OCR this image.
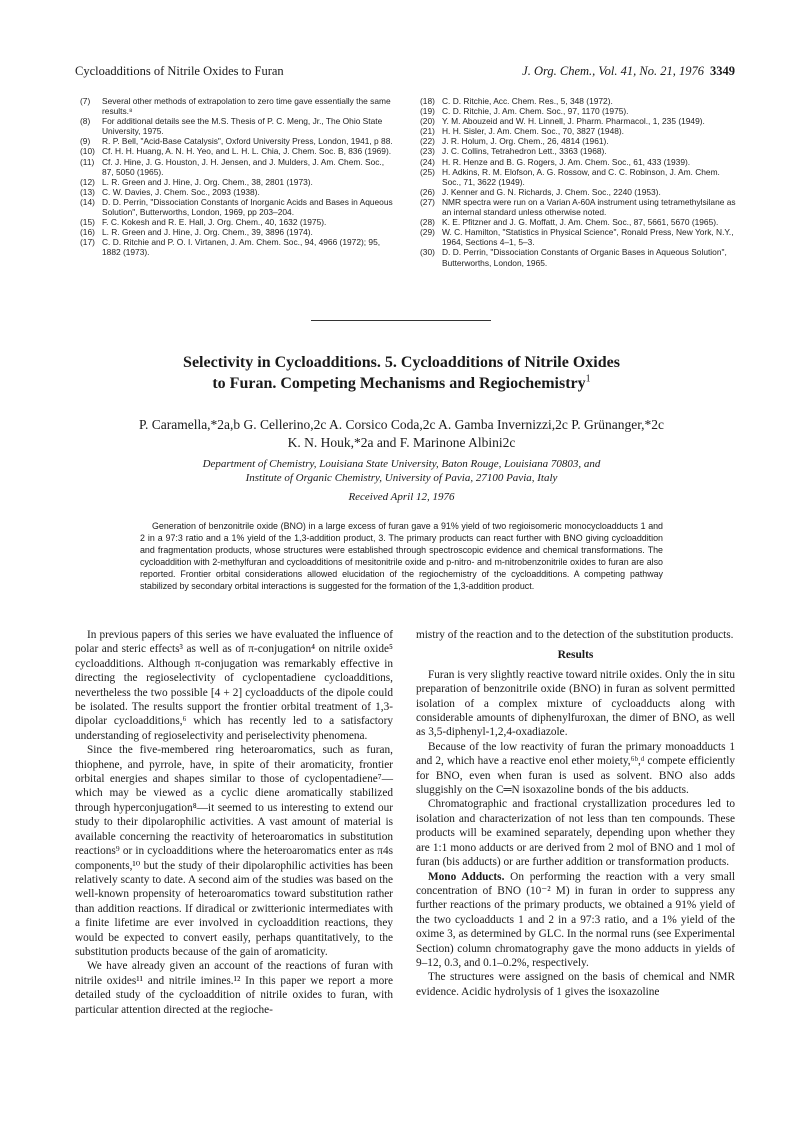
Cycloadditions of Nitrile Oxides to Furan	J. Org. Chem., Vol. 41, No. 21, 1976 3349

(7)	Several other methods of extrapolation to zero time gave essentially the same results.⁸

(8)	For additional details see the M.S. Thesis of P. C. Meng, Jr., The Ohio State University, 1975.

(9)	R. P. Bell, "Acid-Base Catalysis", Oxford University Press, London, 1941, p 88.

(10) Cf. H. H. Huang, A. N. H. Yeo, and L. H. L. Chia, J. Chem. Soc. B, 836 (1969).

(11) Cf. J. Hine, J. G. Houston, J. H. Jensen, and J. Mulders, J. Am. Chem. Soc., 87, 5050 (1965).

(12) L. R. Green and J. Hine, J. Org. Chem., 38, 2801 (1973).

(13) C. W. Davies, J. Chem. Soc., 2093 (1938).

(14) D. D. Perrin, "Dissociation Constants of Inorganic Acids and Bases in Aqueous Solution", Butterworths, London, 1969, pp 203–204.

(15) F. C. Kokesh and R. E. Hall, J. Org. Chem., 40, 1632 (1975).

(16) L. R. Green and J. Hine, J. Org. Chem., 39, 3896 (1974).

(17) C. D. Ritchie and P. O. I. Virtanen, J. Am. Chem. Soc., 94, 4966 (1972); 95, 1882 (1973).

(18) C. D. Ritchie, Acc. Chem. Res., 5, 348 (1972).

(19) C. D. Ritchie, J. Am. Chem. Soc., 97, 1170 (1975).

(20) Y. M. Abouzeid and W. H. Linnell, J. Pharm. Pharmacol., 1, 235 (1949).

(21) H. H. Sisler, J. Am. Chem. Soc., 70, 3827 (1948).

(22) J. R. Holum, J. Org. Chem., 26, 4814 (1961).

(23) J. C. Collins, Tetrahedron Lett., 3363 (1968).

(24) H. R. Henze and B. G. Rogers, J. Am. Chem. Soc., 61, 433 (1939).

(25) H. Adkins, R. M. Elofson, A. G. Rossow, and C. C. Robinson, J. Am. Chem. Soc., 71, 3622 (1949).

(26) J. Kenner and G. N. Richards, J. Chem. Soc., 2240 (1953).

(27) NMR spectra were run on a Varian A-60A instrument using tetramethylsilane as an internal standard unless otherwise noted.

(28) K. E. Pfitzner and J. G. Moffatt, J. Am. Chem. Soc., 87, 5661, 5670 (1965).

(29) W. C. Hamilton, "Statistics in Physical Science", Ronald Press, New York, N.Y., 1964, Sections 4–1, 5–3.

(30) D. D. Perrin, "Dissociation Constants of Organic Bases in Aqueous Solution", Butterworths, London, 1965.

Selectivity in Cycloadditions. 5. Cycloadditions of Nitrile Oxides
to Furan. Competing Mechanisms and Regiochemistry$^1$
P. Caramella,*2a,b G. Cellerino,2c A. Corsico Coda,2c A. Gamba Invernizzi,2c P. Grünanger,*2c
K. N. Houk,*2a and F. Marinone Albini2c
Department of Chemistry, Louisiana State University, Baton Rouge, Louisiana 70803, and
Institute of Organic Chemistry, University of Pavia, 27100 Pavia, Italy
Received April 12, 1976
Generation of benzonitrile oxide (BNO) in a large excess of furan gave a 91% yield of two regioisomeric monocycloadducts 1 and 2 in a 97:3 ratio and a 1% yield of the 1,3-addition product, 3. The primary products can react further with BNO giving cycloaddition and fragmentation products, whose structures were established through spectroscopic evidence and chemical transformations. The cycloaddition with 2-methylfuran and cycloadditions of mesitonitrile oxide and p-nitro- and m-nitrobenzonitrile oxides to furan are also reported. Frontier orbital considerations allowed elucidation of the regiochemistry of the cycloadditions. A competing pathway stabilized by secondary orbital interactions is suggested for the formation of the 1,3-addition product.

In previous papers of this series we have evaluated the influence of polar and steric effects³ as well as of π-conjugation⁴ on nitrile oxide⁵ cycloadditions. Although π-conjugation was remarkably effective in directing the regioselectivity of cyclopentadiene cycloadditions, nevertheless the two possible [4 + 2] cycloadducts of the dipole could be isolated. The results support the frontier orbital treatment of 1,3-dipolar cycloadditions,⁶ which has recently led to a satisfactory understanding of regioselectivity and periselectivity phenomena.

Since the five-membered ring heteroaromatics, such as furan, thiophene, and pyrrole, have, in spite of their aromaticity, frontier orbital energies and shapes similar to those of cyclopentadiene⁷—which may be viewed as a cyclic diene aromatically stabilized through hyperconjugation⁸—it seemed to us interesting to extend our study to their dipolarophilic activities. A vast amount of material is available concerning the reactivity of heteroaromatics in substitution reactions⁹ or in cycloadditions where the heteroaromatics enter as π4s components,¹⁰ but the study of their dipolarophilic activities has been relatively scanty to date. A second aim of the studies was based on the well-known propensity of heteroaromatics toward substitution rather than addition reactions. If diradical or zwitterionic intermediates with a finite lifetime are ever involved in cycloaddition reactions, they would be expected to convert easily, perhaps quantitatively, to the substitution products because of the gain of aromaticity.

We have already given an account of the reactions of furan with nitrile oxides¹¹ and nitrile imines.¹² In this paper we report a more detailed study of the cycloaddition of nitrile oxides to furan, with particular attention directed at the regioche-

mistry of the reaction and to the detection of the substitution products.

Results

Furan is very slightly reactive toward nitrile oxides. Only the in situ preparation of benzonitrile oxide (BNO) in furan as solvent permitted isolation of a complex mixture of cycloadducts along with considerable amounts of diphenylfuroxan, the dimer of BNO, as well as 3,5-diphenyl-1,2,4-oxadiazole.

Because of the low reactivity of furan the primary monoadducts 1 and 2, which have a reactive enol ether moiety,⁶ᵇ,ᵈ compete efficiently for BNO, even when furan is used as solvent. BNO also adds sluggishly on the C═N isoxazoline bonds of the bis adducts.

Chromatographic and fractional crystallization procedures led to isolation and characterization of not less than ten compounds. These products will be examined separately, depending upon whether they are 1:1 mono adducts or are derived from 2 mol of BNO and 1 mol of furan (bis adducts) or are further addition or transformation products.

Mono Adducts. On performing the reaction with a very small concentration of BNO (10⁻² M) in furan in order to suppress any further reactions of the primary products, we obtained a 91% yield of the two cycloadducts 1 and 2 in a 97:3 ratio, and a 1% yield of the oxime 3, as determined by GLC. In the normal runs (see Experimental Section) column chromatography gave the mono adducts in yields of 9–12, 0.3, and 0.1–0.2%, respectively.

The structures were assigned on the basis of chemical and NMR evidence. Acidic hydrolysis of 1 gives the isoxazoline
